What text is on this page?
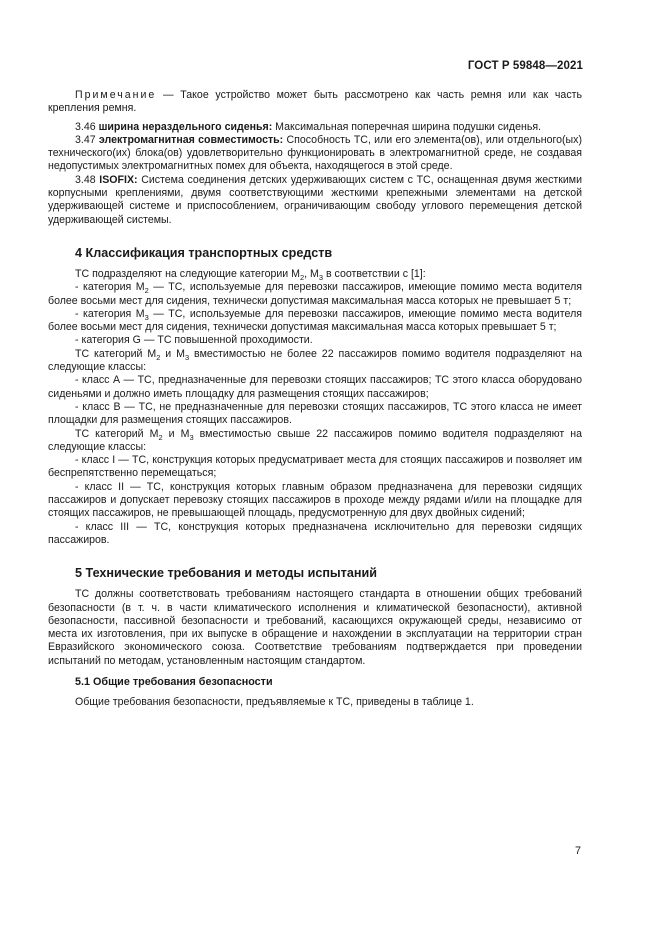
ГОСТ Р 59848—2021

Примечание — Такое устройство может быть рассмотрено как часть ремня или как часть крепления ремня.

3.46 ширина нераздельного сиденья: Максимальная поперечная ширина подушки сиденья.

3.47 электромагнитная совместимость: Способность ТС, или его элемента(ов), или отдельного(ых) технического(их) блока(ов) удовлетворительно функционировать в электромагнитной среде, не создавая недопустимых электромагнитных помех для объекта, находящегося в этой среде.

3.48 ISOFIX: Система соединения детских удерживающих систем с ТС, оснащенная двумя жесткими корпусными креплениями, двумя соответствующими жесткими крепежными элементами на детской удерживающей системе и приспособлением, ограничивающим свободу углового перемещения детской удерживающей системы.

4 Классификация транспортных средств

ТС подразделяют на следующие категории $М_2$, $М_3$ в соответствии с [1]:

- категория $М_2$ — ТС, используемые для перевозки пассажиров, имеющие помимо места водителя более восьми мест для сидения, технически допустимая максимальная масса которых не превышает 5 т;

- категория $М_3$ — ТС, используемые для перевозки пассажиров, имеющие помимо места водителя более восьми мест для сидения, технически допустимая максимальная масса которых превышает 5 т;

- категория G — ТС повышенной проходимости.

ТС категорий $М_2$ и $М_3$ вместимостью не более 22 пассажиров помимо водителя подразделяют на следующие классы:

- класс А — ТС, предназначенные для перевозки стоящих пассажиров; ТС этого класса оборудовано сиденьями и должно иметь площадку для размещения стоящих пассажиров;

- класс В — ТС, не предназначенные для перевозки стоящих пассажиров, ТС этого класса не имеет площадки для размещения стоящих пассажиров.

ТС категорий $М_2$ и $М_3$ вместимостью свыше 22 пассажиров помимо водителя подразделяют на следующие классы:

- класс I — ТС, конструкция которых предусматривает места для стоящих пассажиров и позволяет им беспрепятственно перемещаться;

- класс II — ТС, конструкция которых главным образом предназначена для перевозки сидящих пассажиров и допускает перевозку стоящих пассажиров в проходе между рядами и/или на площадке для стоящих пассажиров, не превышающей площадь, предусмотренную для двух двойных сидений;

- класс III — ТС, конструкция которых предназначена исключительно для перевозки сидящих пассажиров.

5 Технические требования и методы испытаний

ТС должны соответствовать требованиям настоящего стандарта в отношении общих требований безопасности (в т. ч. в части климатического исполнения и климатической безопасности), активной безопасности, пассивной безопасности и требований, касающихся окружающей среды, независимо от места их изготовления, при их выпуске в обращение и нахождении в эксплуатации на территории стран Евразийского экономического союза. Соответствие требованиям подтверждается при проведении испытаний по методам, установленным настоящим стандартом.

5.1 Общие требования безопасности

Общие требования безопасности, предъявляемые к ТС, приведены в таблице 1.

7
